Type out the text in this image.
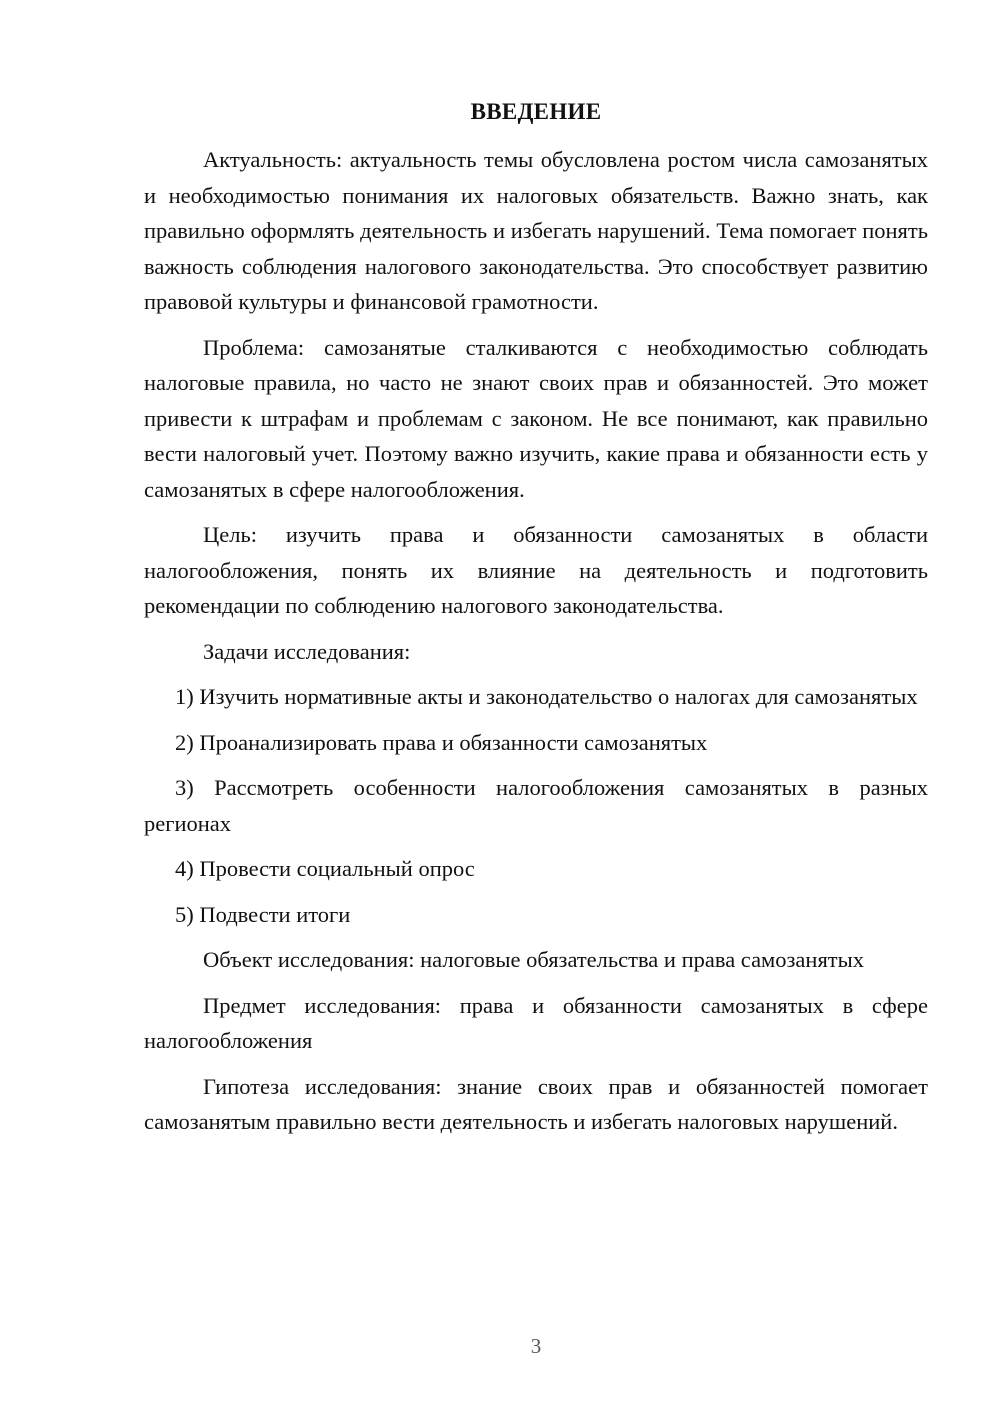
ВВЕДЕНИЕ

Актуальность: актуальность темы обусловлена ростом числа самозанятых и необходимостью понимания их налоговых обязательств. Важно знать, как правильно оформлять деятельность и избегать нарушений. Тема помогает понять важность соблюдения налогового законодательства. Это способствует развитию правовой культуры и финансовой грамотности.

Проблема: самозанятые сталкиваются с необходимостью соблюдать налоговые правила, но часто не знают своих прав и обязанностей. Это может привести к штрафам и проблемам с законом. Не все понимают, как правильно вести налоговый учет. Поэтому важно изучить, какие права и обязанности есть у самозанятых в сфере налогообложения.

Цель: изучить права и обязанности самозанятых в области налогообложения, понять их влияние на деятельность и подготовить рекомендации по соблюдению налогового законодательства.

Задачи исследования:

1) Изучить нормативные акты и законодательство о налогах для самозанятых

2) Проанализировать права и обязанности самозанятых

3) Рассмотреть особенности налогообложения самозанятых в разных регионах

4) Провести социальный опрос

5) Подвести итоги

Объект исследования: налоговые обязательства и права самозанятых

Предмет исследования: права и обязанности самозанятых в сфере налогообложения

Гипотеза исследования: знание своих прав и обязанностей помогает самозанятым правильно вести деятельность и избегать налоговых нарушений.

3
